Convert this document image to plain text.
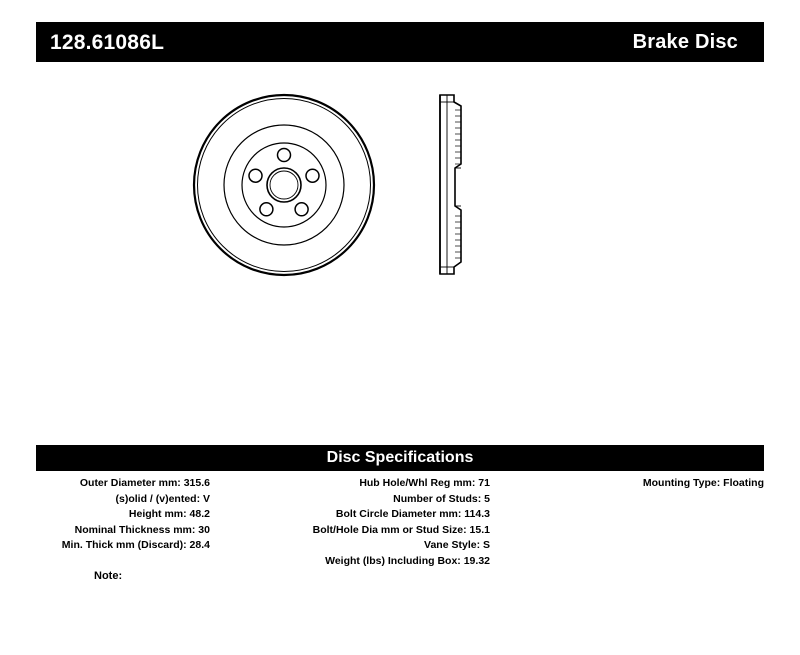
128.61086L	Brake Disc
Disc Specifications
Outer Diameter mm: 315.6
(s)olid / (v)ented: V
Height mm: 48.2
Nominal Thickness mm: 30
Min. Thick mm (Discard): 28.4
Hub Hole/Whl Reg mm: 71
Number of Studs: 5
Bolt Circle Diameter mm: 114.3
Bolt/Hole Dia mm or Stud Size: 15.1
Vane Style: S
Weight (lbs) Including Box: 19.32
Mounting Type: Floating
Note:
